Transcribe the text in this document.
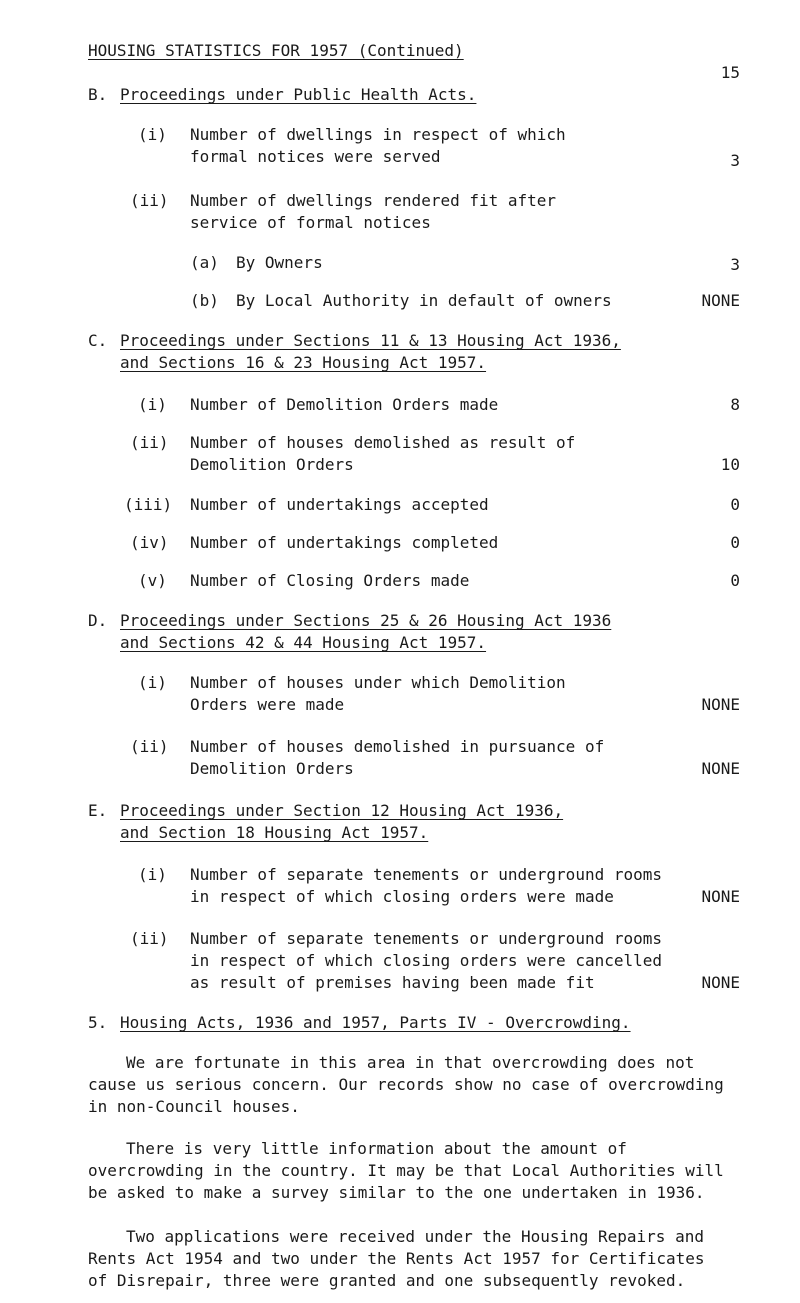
HOUSING STATISTICS FOR 1957 (Continued)
15
B. Proceedings under Public Health Acts.
(i) Number of dwellings in respect of which
formal notices were served	3
(ii) Number of dwellings rendered fit after
service of formal notices
(a) By Owners	3
(b) By Local Authority in default of owners	NONE
C. Proceedings under Sections 11 & 13 Housing Act 1936,
and Sections 16 & 23 Housing Act 1957.
(i) Number of Demolition Orders made	8
(ii) Number of houses demolished as result of
Demolition Orders	10
(iii) Number of undertakings accepted	0
(iv) Number of undertakings completed	0
(v) Number of Closing Orders made	0
D. Proceedings under Sections 25 & 26 Housing Act 1936
and Sections 42 & 44 Housing Act 1957.
(i) Number of houses under which Demolition
Orders were made	NONE
(ii) Number of houses demolished in pursuance of
Demolition Orders	NONE
E. Proceedings under Section 12 Housing Act 1936,
and Section 18 Housing Act 1957.
(i) Number of separate tenements or underground rooms
in respect of which closing orders were made	NONE
(ii) Number of separate tenements or underground rooms
in respect of which closing orders were cancelled
as result of premises having been made fit	NONE
5. Housing Acts, 1936 and 1957, Parts IV - Overcrowding.
We are fortunate in this area in that overcrowding does not cause us serious concern. Our records show no case of overcrowding in non-Council houses.
There is very little information about the amount of overcrowding in the country. It may be that Local Authorities will be asked to make a survey similar to the one undertaken in 1936.
Two applications were received under the Housing Repairs and Rents Act 1954 and two under the Rents Act 1957 for Certificates of Disrepair, three were granted and one subsequently revoked.
